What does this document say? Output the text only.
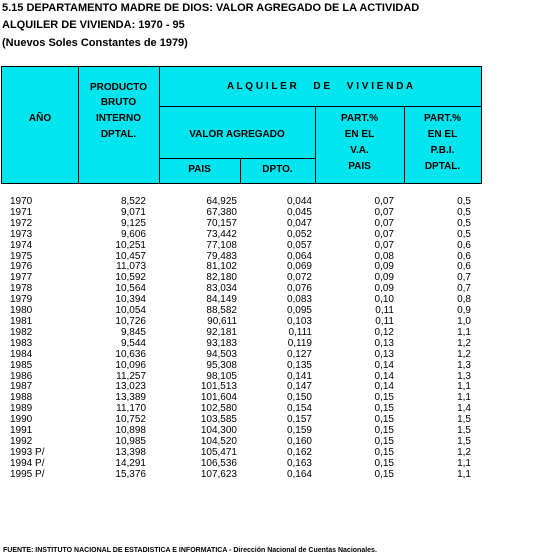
5.15 DEPARTAMENTO MADRE DE DIOS: VALOR AGREGADO DE LA ACTIVIDAD
ALQUILER DE VIVIENDA: 1970 - 95
(Nuevos Soles Constantes de 1979)
AÑO
PRODUCTO
BRUTO
INTERNO
DPTAL.
A L Q U I L E R      D E      V I V I E N D A
VALOR AGREGADO
PAIS	DPTO.
PART.%
EN EL
V.A.
PAIS
PART.%
EN EL
P.B.I.
DPTAL.
1970	8,522	64,925	0,044	0,07	0,5
1971	9,071	67,380	0,045	0,07	0,5
1972	9,125	70,157	0,047	0,07	0,5
1973	9,606	73,442	0,052	0,07	0,5
1974	10,251	77,108	0,057	0,07	0,6
1975	10,457	79,483	0,064	0,08	0,6
1976	11,073	81,102	0,069	0,09	0,6
1977	10,592	82,180	0,072	0,09	0,7
1978	10,564	83,034	0,076	0,09	0,7
1979	10,394	84,149	0,083	0,10	0,8
1980	10,054	88,582	0,095	0,11	0,9
1981	10,726	90,611	0,103	0,11	1,0
1982	9,845	92,181	0,111	0,12	1,1
1983	9,544	93,183	0,119	0,13	1,2
1984	10,636	94,503	0,127	0,13	1,2
1985	10,096	95,308	0,135	0,14	1,3
1986	11,257	98,105	0,141	0,14	1,3
1987	13,023	101,513	0,147	0,14	1,1
1988	13,389	101,604	0,150	0,15	1,1
1989	11,170	102,580	0,154	0,15	1,4
1990	10,752	103,585	0,157	0,15	1,5
1991	10,898	104,300	0,159	0,15	1,5
1992	10,985	104,520	0,160	0,15	1,5
1993 P/	13,398	105,471	0,162	0,15	1,2
1994 P/	14,291	106,536	0,163	0,15	1,1
1995 P/	15,376	107,623	0,164	0,15	1,1
FUENTE: INSTITUTO NACIONAL DE ESTADISTICA E INFORMATICA - Dirección Nacional de Cuentas Nacionales.
